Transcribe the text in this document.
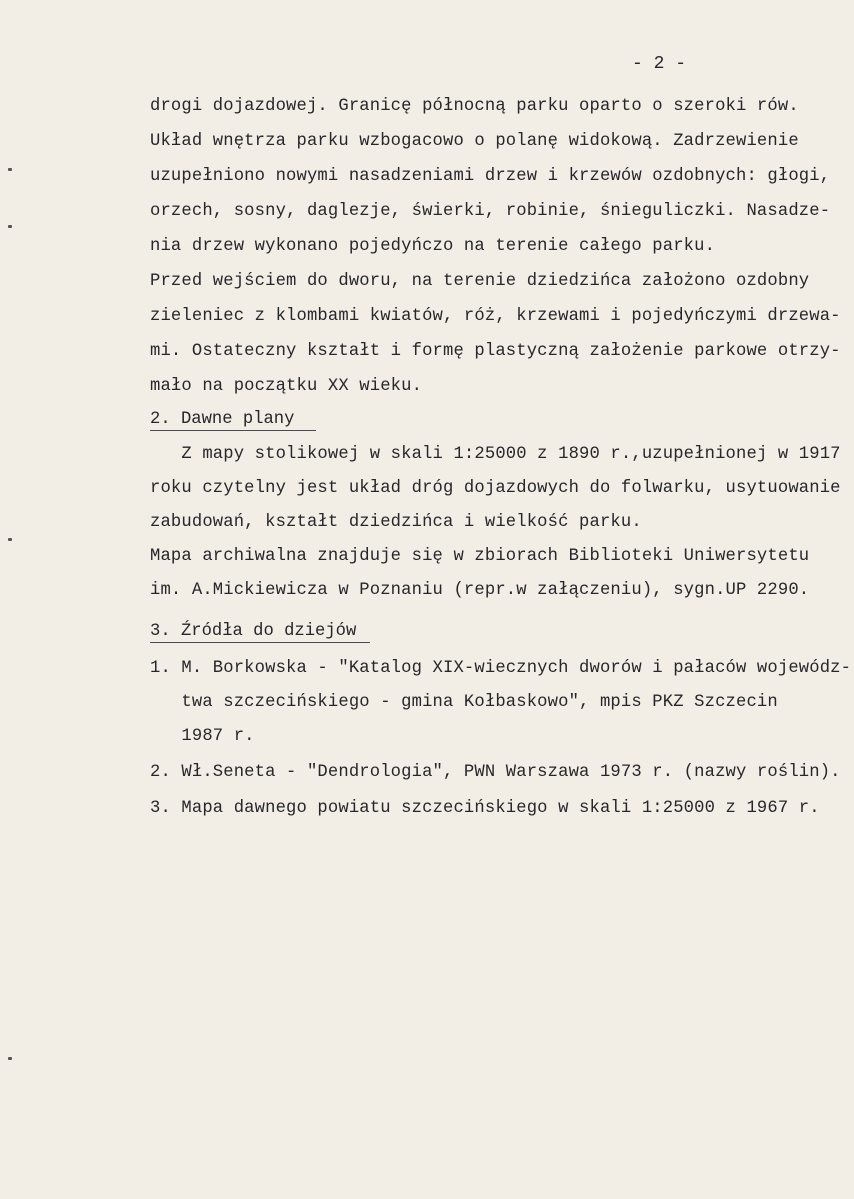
- 2 -
drogi dojazdowej. Granicę północną parku oparto o szeroki rów.
Układ wnętrza parku wzbogacowo o polanę widokową. Zadrzewienie
uzupełniono nowymi nasadzeniami drzew i krzewów ozdobnych: głogi,
orzech, sosny, daglezje, świerki, robinie, śnieguliczki. Nasadze-
nia drzew wykonano pojedyńczo na terenie całego parku.
Przed wejściem do dworu, na terenie dziedzińca założono ozdobny
zieleniec z klombami kwiatów, róż, krzewami i pojedyńczymi drzewa-
mi. Ostateczny kształt i formę plastyczną założenie parkowe otrzy-
mało na początku XX wieku.
2. Dawne plany
Z mapy stolikowej w skali 1:25000 z 1890 r.,uzupełnionej w 1917
roku czytelny jest układ dróg dojazdowych do folwarku, usytuowanie
zabudowań, kształt dziedzińca i wielkość parku.
Mapa archiwalna znajduje się w zbiorach Biblioteki Uniwersytetu
im. A.Mickiewicza w Poznaniu (repr.w załączeniu), sygn.UP 2290.
3. Źródła do dziejów
1. M. Borkowska - "Katalog XIX-wiecznych dworów i pałaców wojewódz-
twa szczecińskiego - gmina Kołbaskowo", mpis PKZ Szczecin
1987 r.
2. Wł.Seneta - "Dendrologia", PWN Warszawa 1973 r. (nazwy roślin).
3. Mapa dawnego powiatu szczecińskiego w skali 1:25000 z 1967 r.
